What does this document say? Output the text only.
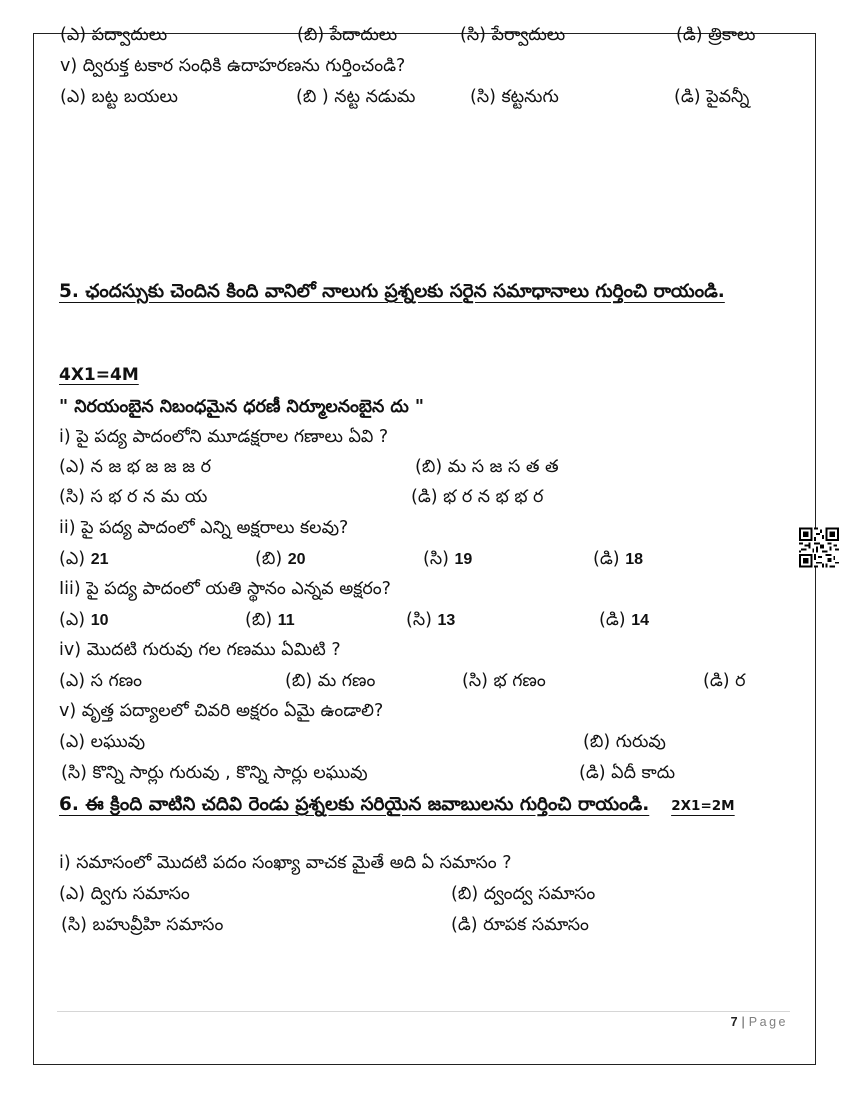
(ఎ) పద్వాదులు	(బి) పేదాదులు	(సి) పేర్వాదులు	(డి) త్రికాలు
v) ద్విరుక్త టకార సంధికి ఉదాహరణను గుర్తించండి?
(ఎ) బట్ట బయలు	(బి ) నట్ట నడుమ	(సి) కట్టనుగు	(డి) పైవన్నీ
5. ఛందస్సుకు చెందిన కింది వానిలో నాలుగు ప్రశ్నలకు సరైన సమాధానాలు గుర్తించి రాయండి.
4X1=4M
" నిరయంబైన నిబంధమైన ధరణీ నిర్మూలనంబైన దు "
i) పై పద్య పాదంలోని మూడక్షరాల గణాలు ఏవి ?
(ఎ) న జ భ జ జ జ ర	(బి) మ స జ స త త
(సి) స భ ర న మ య	(డి) భ ర న భ భ ర
ii) పై పద్య పాదంలో ఎన్ని అక్షరాలు కలవు?
(ఎ) 21	(బి) 20	(సి) 19	(డి) 18
Iii) పై పద్య పాదంలో యతి స్థానం ఎన్నవ అక్షరం?
(ఎ) 10	(బి) 11	(సి) 13	(డి) 14
iv) మొదటి గురువు గల గణము ఏమిటి ?
(ఎ) స గణం	(బి) మ గణం	(సి) భ గణం	(డి) ర
v) వృత్త పద్యాలలో చివరి అక్షరం ఏమై ఉండాలి?
(ఎ) లఘువు	(బి) గురువు
(సి) కొన్ని సార్లు గురువు , కొన్ని సార్లు లఘువు	(డి) ఏదీ కాదు
6. ఈ క్రింది వాటిని చదివి రెండు ప్రశ్నలకు సరియైన జవాబులను గుర్తించి రాయండి. 2X1=2M
i) సమాసంలో మొదటి పదం సంఖ్యా వాచక మైతే అది ఏ సమాసం ?
(ఎ) ద్విగు సమాసం	(బి) ద్వంద్వ సమాసం
(సి) బహువ్రీహి సమాసం	(డి) రూపక సమాసం
7 | Page
